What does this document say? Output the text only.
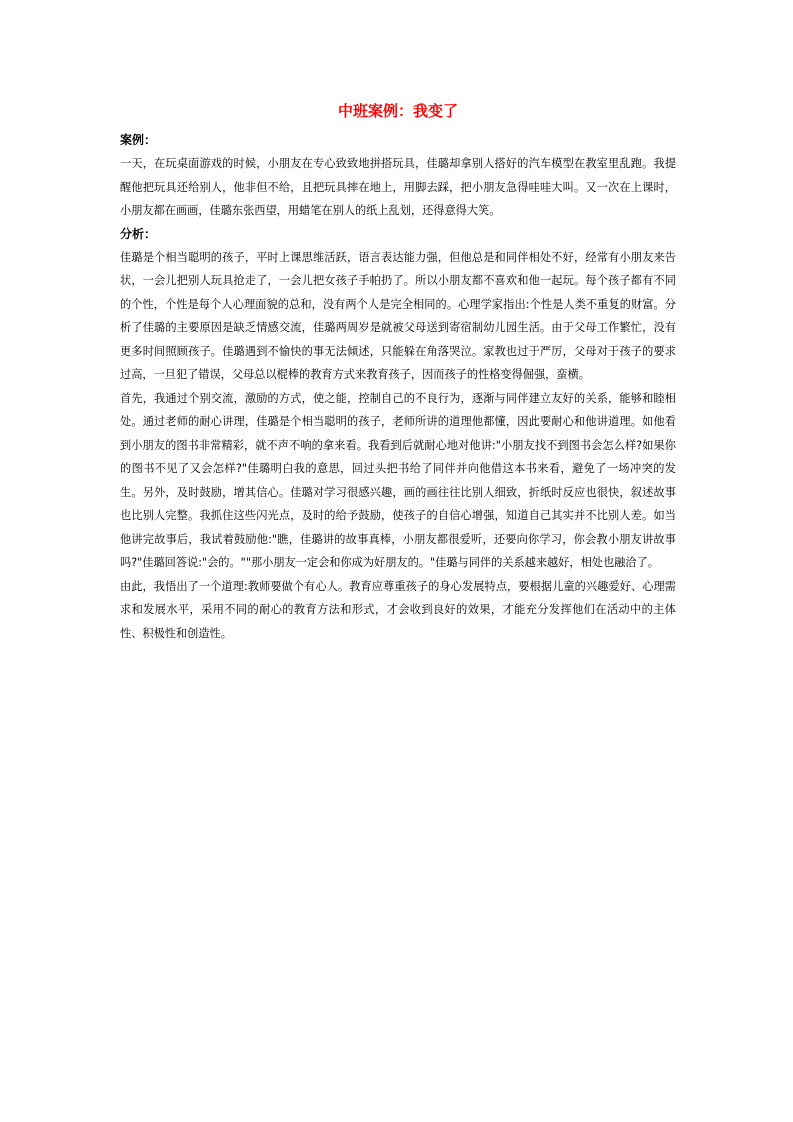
中班案例：我变了
案例：

一天，在玩桌面游戏的时候，小朋友在专心致致地拼搭玩具，佳璐却拿别人搭好的汽车模型在教室里乱跑。我提醒他把玩具还给别人，他非但不给，且把玩具摔在地上，用脚去踩，把小朋友急得哇哇大叫。又一次在上课时，小朋友都在画画，佳璐东张西望，用蜡笔在别人的纸上乱划，还得意得大笑。

分析：

佳璐是个相当聪明的孩子，平时上课思维活跃，语言表达能力强，但他总是和同伴相处不好，经常有小朋友来告状，一会儿把别人玩具抢走了，一会儿把女孩子手帕扔了。所以小朋友都不喜欢和他一起玩。每个孩子都有不同的个性，个性是每个人心理面貌的总和，没有两个人是完全相同的。心理学家指出:个性是人类不重复的财富。分析了佳璐的主要原因是缺乏情感交流，佳璐两周岁是就被父母送到寄宿制幼儿园生活。由于父母工作繁忙，没有更多时间照顾孩子。佳璐遇到不愉快的事无法倾述，只能躲在角落哭泣。家教也过于严厉，父母对于孩子的要求过高，一旦犯了错误，父母总以棍棒的教育方式来教育孩子，因而孩子的性格变得倔强，蛮横。

首先，我通过个别交流，激励的方式，使之能，控制自己的不良行为，逐渐与同伴建立友好的关系，能够和睦相处。通过老师的耐心讲理，佳璐是个相当聪明的孩子，老师所讲的道理他都懂，因此要耐心和他讲道理。如他看到小朋友的图书非常精彩，就不声不响的拿来看。我看到后就耐心地对他讲:"小朋友找不到图书会怎么样?如果你的图书不见了又会怎样?"佳璐明白我的意思，回过头把书给了同伴并向他借这本书来看，避免了一场冲突的发生。另外，及时鼓励，增其信心。佳璐对学习很感兴趣，画的画往往比别人细致，折纸时反应也很快，叙述故事也比别人完整。我抓住这些闪光点，及时的给予鼓励，使孩子的自信心增强，知道自己其实并不比别人差。如当他讲完故事后，我试着鼓励他:"瞧，佳璐讲的故事真棒，小朋友都很爱听，还要向你学习，你会教小朋友讲故事吗?"佳璐回答说:"会的。""那小朋友一定会和你成为好朋友的。"佳璐与同伴的关系越来越好，相处也融洽了。

由此，我悟出了一个道理:教师要做个有心人。教育应尊重孩子的身心发展特点，要根据儿童的兴趣爱好、心理需求和发展水平，采用不同的耐心的教育方法和形式，才会收到良好的效果，才能充分发挥他们在活动中的主体性、积极性和创造性。
